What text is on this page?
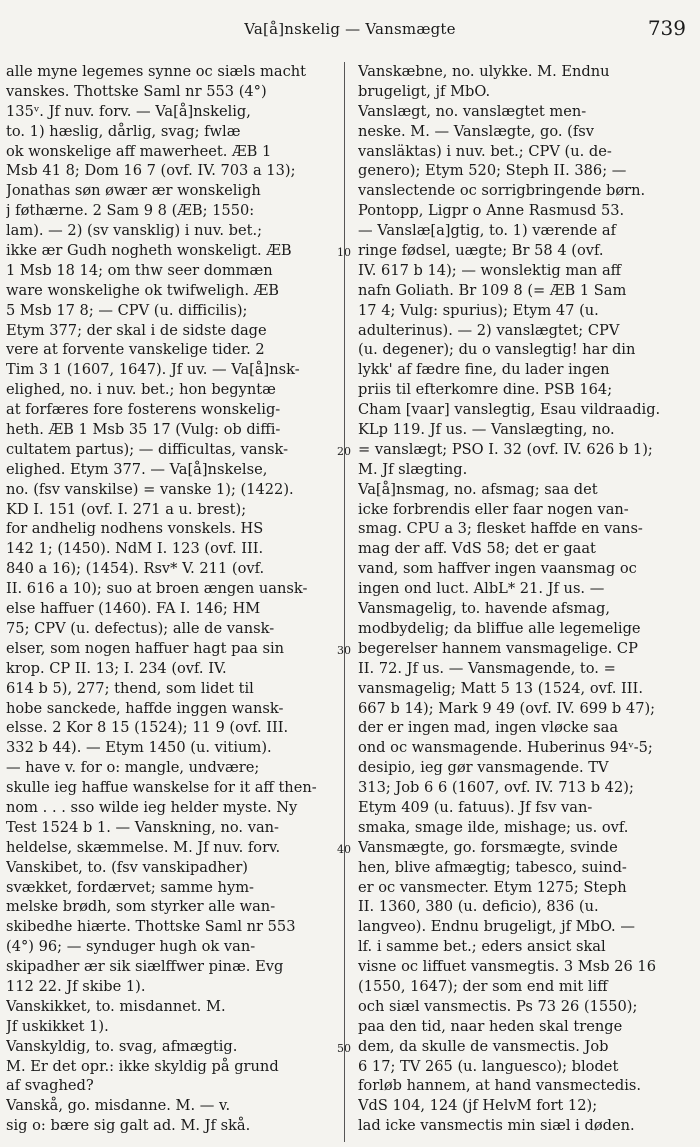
Va[å]nskelig — Vansmægte	739
alle myne legemes synne oc siæls macht
vanskes. Thottske Saml nr 553 (4°)
135ᵛ. Jf nuv. forv. — Va[å]nskelig,
to. 1) hæslig, dårlig, svag; fwlæ
ok wonskelige aff mawerheet. ÆB 1
Msb 41 8; Dom 16 7 (ovf. IV. 703 a 13);
Jonathas søn øwær ær wonskeligh
j føthærne. 2 Sam 9 8 (ÆB; 1550:
lam). — 2) (sv vansklig) i nuv. bet.;
ikke ær Gudh nogheth wonskeligt. ÆB
1 Msb 18 14; om thw seer dommæn
ware wonskelighe ok twifweligh. ÆB
5 Msb 17 8; — CPV (u. difficilis);
Etym 377; der skal i de sidste dage
vere at forvente vanskelige tider. 2
Tim 3 1 (1607, 1647). Jf uv. — Va[å]nsk-
elighed, no. i nuv. bet.; hon begyntæ
at forfæres fore fosterens wonskelig-
heth. ÆB 1 Msb 35 17 (Vulg: ob diffi-
cultatem partus); — difficultas, vansk-
elighed. Etym 377. — Va[å]nskelse,
no. (fsv vanskilse) = vanske 1); (1422).
KD I. 151 (ovf. I. 271 a u. brest);
for andhelig nodhens vonskels. HS
142 1; (1450). NdM I. 123 (ovf. III.
840 a 16); (1454). Rsv* V. 211 (ovf.
II. 616 a 10); suo at broen ængen uansk-
else haffuer (1460). FA I. 146; HM
75; CPV (u. defectus); alle de vansk-
elser, som nogen haffuer hagt paa sin
krop. CP II. 13; I. 234 (ovf. IV.
614 b 5), 277; thend, som lidet til
hobe sanckede, haffde inggen wansk-
elsse. 2 Kor 8 15 (1524); 11 9 (ovf. III.
332 b 44). — Etym 1450 (u. vitium).
— have v. for o: mangle, undvære;
skulle ieg haffue wanskelse for it aff then-
nom . . . sso wilde ieg helder myste. Ny
Test 1524 b 1. — Vanskning, no. van-
heldelse, skæmmelse. M. Jf nuv. forv.
Vanskibet, to. (fsv vanskipadher)
svækket, fordærvet; samme hym-
melske brødh, som styrker alle wan-
skibedhe hiærte. Thottske Saml nr 553
(4°) 96; — synduger hugh ok van-
skipadher ær sik siælffwer pinæ. Evg
112 22. Jf skibe 1).
Vanskikket, to. misdannet. M.
Jf uskikket 1).
Vanskyldig, to. svag, afmægtig.
M. Er det opr.: ikke skyldig på grund
af svaghed?
Vanskå, go. misdanne. M. — v.
sig o: bære sig galt ad. M. Jf skå.
Vanskæbne, no. ulykke. M. Endnu
brugeligt, jf MbO.
Vanslægt, no. vanslægtet men-
neske. M. — Vanslægte, go. (fsv
vansläktas) i nuv. bet.; CPV (u. de-
genero); Etym 520; Steph II. 386; —
vanslectende oc sorrigbringende børn.
Pontopp, Ligpr o Anne Rasmusd 53.
— Vanslæ[a]gtig, to. 1) værende af
ringe fødsel, uægte; Br 58 4 (ovf.
IV. 617 b 14); — wonslektig man aff
nafn Goliath. Br 109 8 (= ÆB 1 Sam
17 4; Vulg: spurius); Etym 47 (u.
adulterinus). — 2) vanslægtet; CPV
(u. degener); du o vanslegtig! har din
lykk' af fædre fine, du lader ingen
priis til efterkomre dine. PSB 164;
Cham [vaar] vanslegtig, Esau vildraadig.
KLp 119. Jf us. — Vanslægting, no.
= vanslægt; PSO I. 32 (ovf. IV. 626 b 1);
M. Jf slægting.
Va[å]nsmag, no. afsmag; saa det
icke forbrendis eller faar nogen van-
smag. CPU a 3; flesket haffde en vans-
mag der aff. VdS 58; det er gaat
vand, som haffver ingen vaansmag oc
ingen ond luct. AlbL* 21. Jf us. —
Vansmagelig, to. havende afsmag,
modbydelig; da bliffue alle legemelige
begerelser hannem vansmagelige. CP
II. 72. Jf us. — Vansmagende, to. =
vansmagelig; Matt 5 13 (1524, ovf. III.
667 b 14); Mark 9 49 (ovf. IV. 699 b 47);
der er ingen mad, ingen vløcke saa
ond oc wansmagende. Huberinus 94ᵛ-5;
desipio, ieg gør vansmagende. TV
313; Job 6 6 (1607, ovf. IV. 713 b 42);
Etym 409 (u. fatuus). Jf fsv van-
smaka, smage ilde, mishage; us. ovf.
Vansmægte, go. forsmægte, svinde
hen, blive afmægtig; tabesco, suind-
er oc vansmecter. Etym 1275; Steph
II. 1360, 380 (u. deficio), 836 (u.
langveo). Endnu brugeligt, jf MbO. —
lf. i samme bet.; eders ansict skal
visne oc liffuet vansmegtis. 3 Msb 26 16
(1550, 1647); der som end mit liff
och siæl vansmectis. Ps 73 26 (1550);
paa den tid, naar heden skal trenge
dem, da skulle de vansmectis. Job
6 17; TV 265 (u. languesco); blodet
forløb hannem, at hand vansmectedis.
VdS 104, 124 (jf HelvM fort 12);
lad icke vansmectis min siæl i døden.
10
20
30
40
50
